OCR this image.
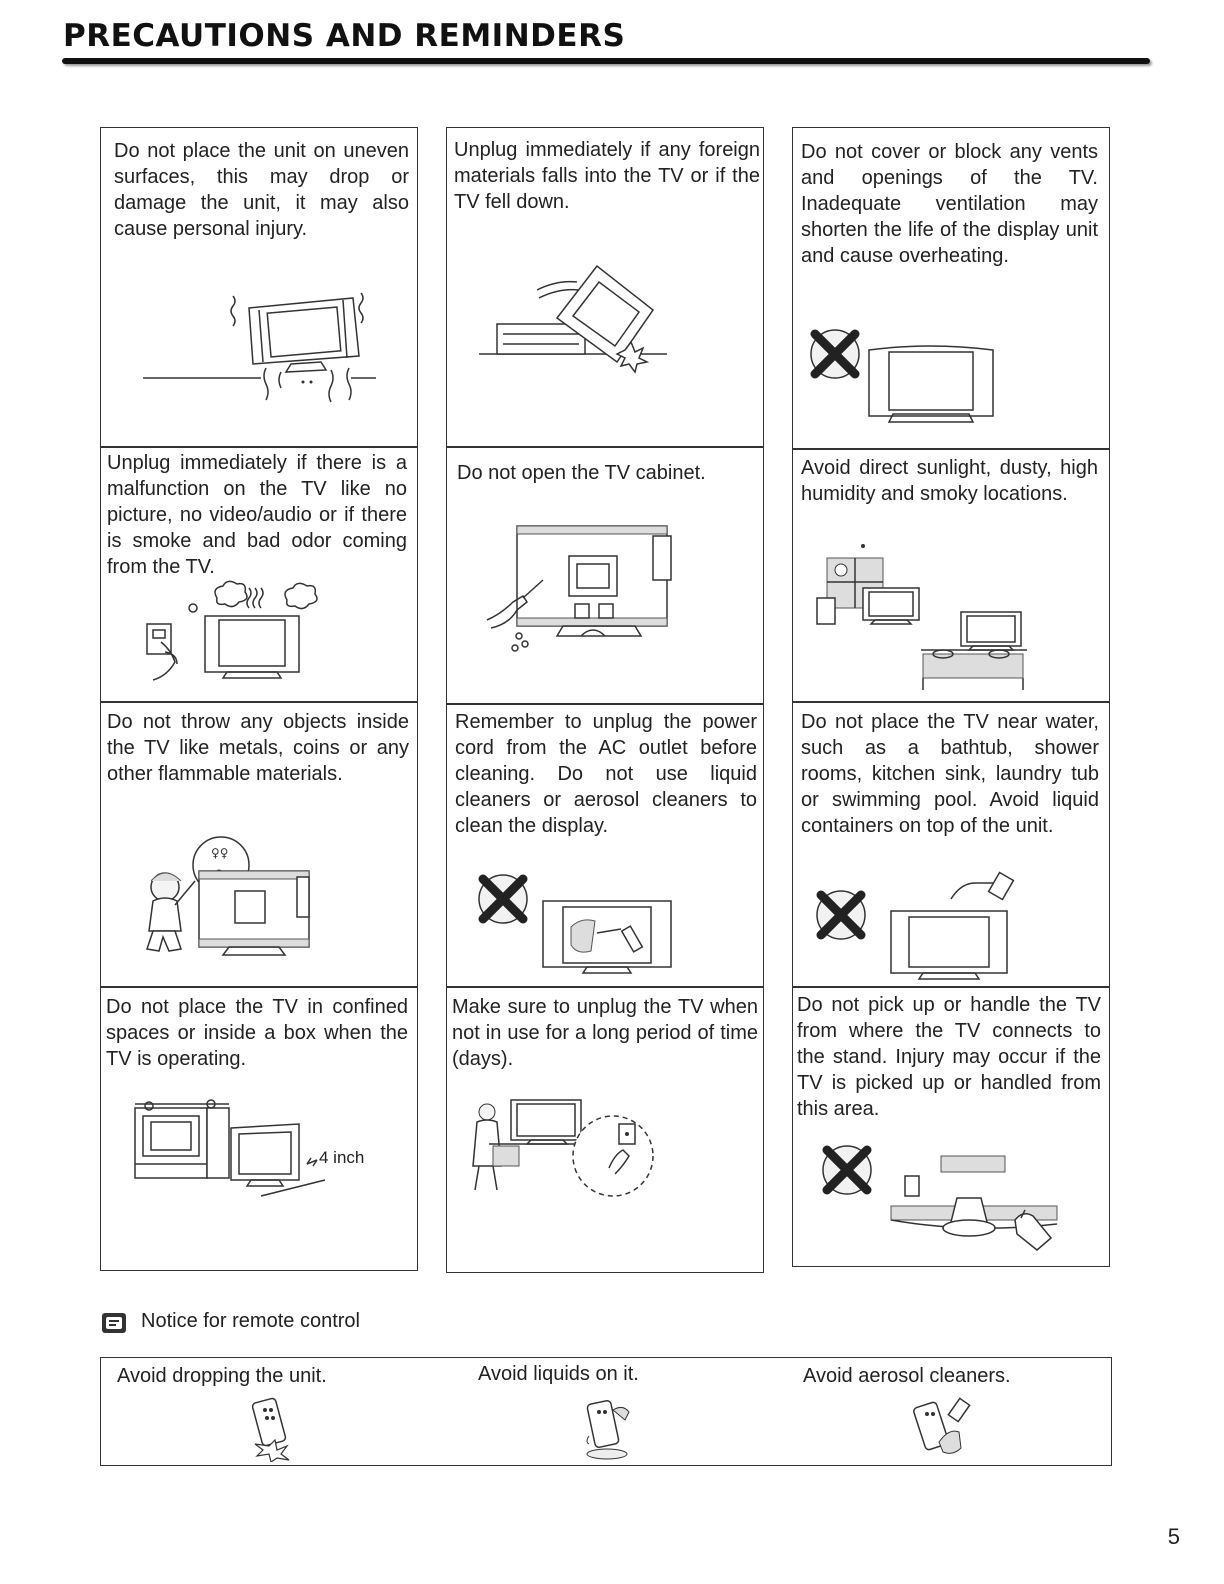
PRECAUTIONS AND REMINDERS

Do not place the unit on uneven surfaces, this may drop or damage the unit, it may also cause personal injury.

Unplug immediately if any foreign materials falls into the TV or if the TV fell down.

Do not cover or block any vents and openings of the TV. Inadequate ventilation may shorten the life of the display unit and cause overheating.

Unplug immediately if there is a malfunction on the TV like no picture, no video/audio or if there is smoke and bad odor coming from the TV.

Do not open the TV cabinet.	Avoid direct sunlight, dusty, high humidity and smoky locations.

Do not throw any objects inside the TV like metals, coins or any other flammable materials.

♀♀

Remember to unplug the power cord from the AC outlet before cleaning. Do not use liquid cleaners or aerosol cleaners to clean the display.

Do not place the TV near water, such as a bathtub, shower rooms, kitchen sink, laundry tub or swimming pool. Avoid liquid containers on top of the unit.

Do not place the TV in confined spaces or inside a box when the TV is operating.

4 inch

Make sure to unplug the TV when not in use for a long period of time (days).

Do not pick up or handle the TV from where the TV connects to the stand. Injury may occur if the TV is picked up or handled from this area.

Notice for remote control
Avoid dropping the unit.	Avoid liquids on it.	Avoid aerosol cleaners.
5
